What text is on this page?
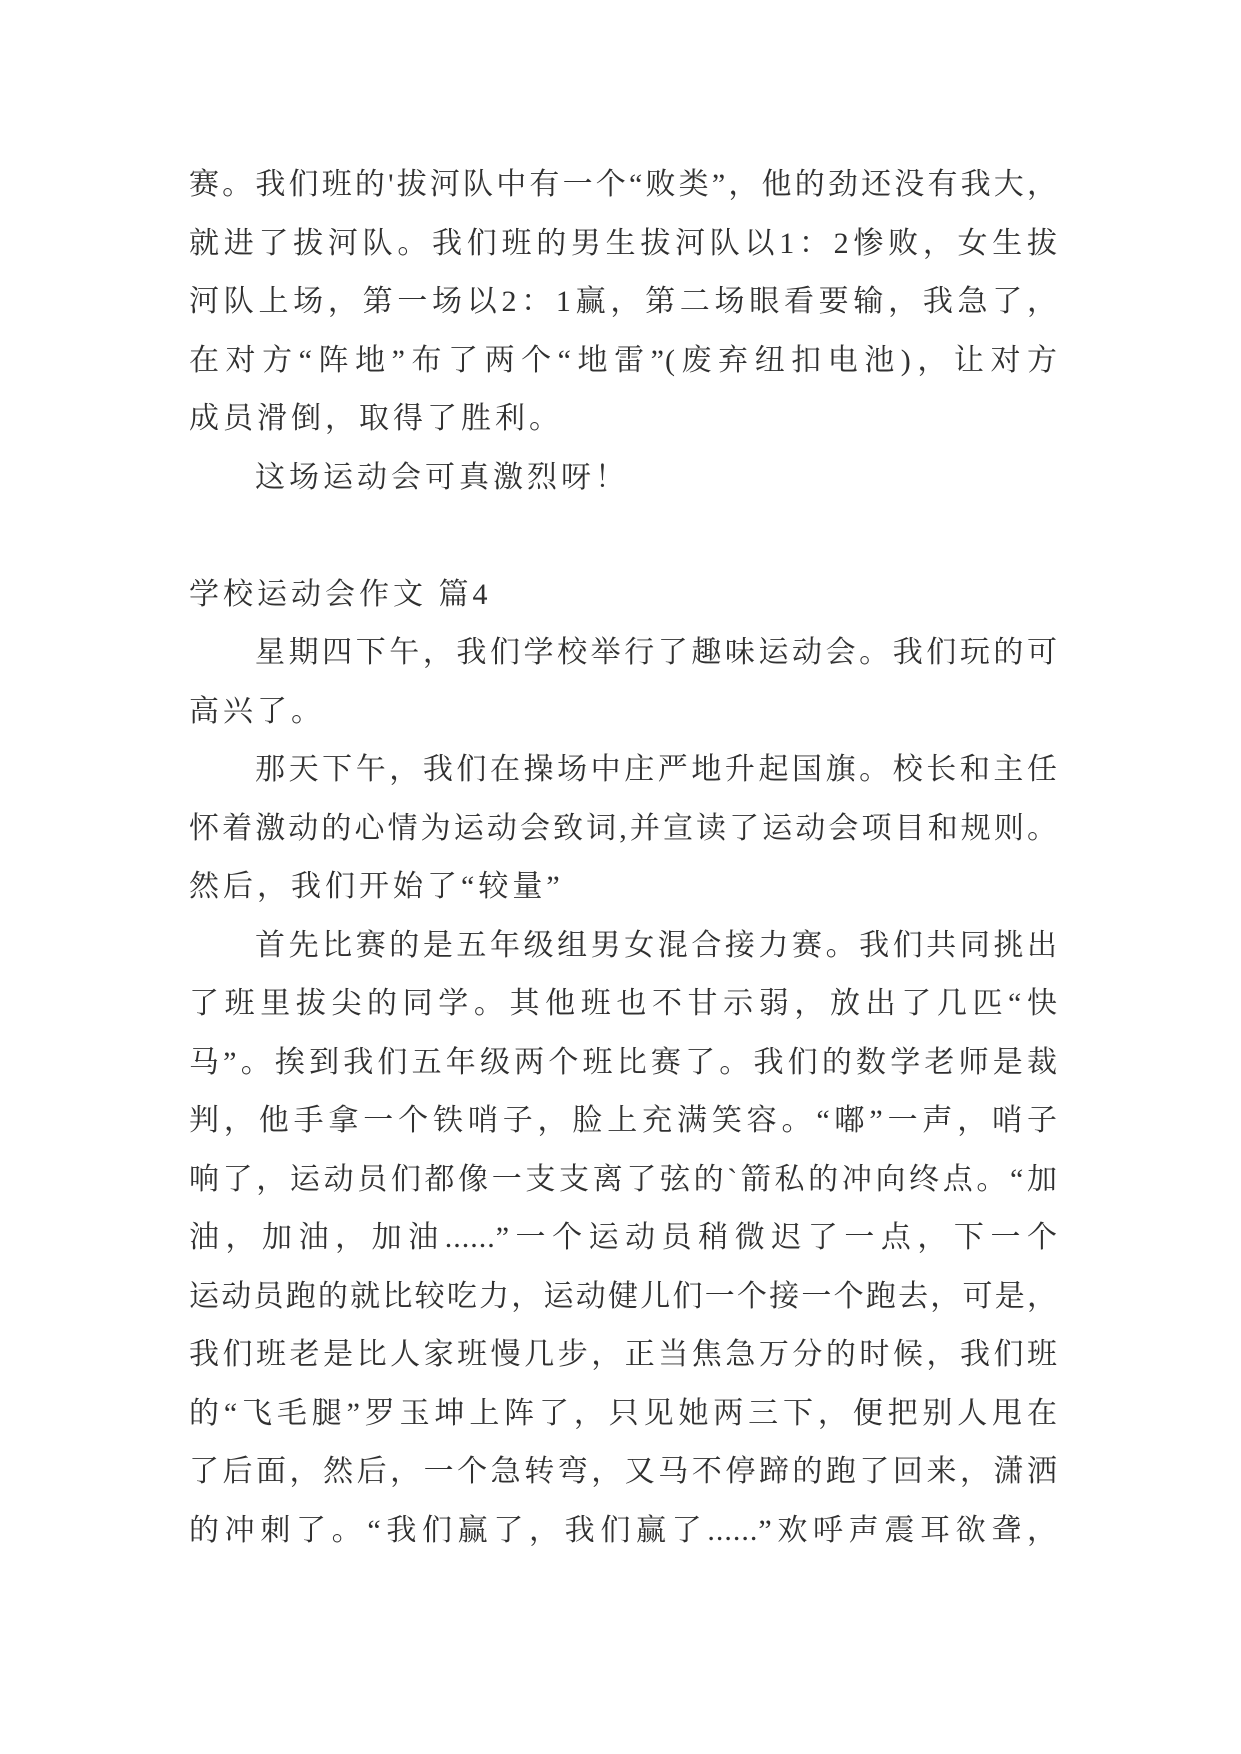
赛。我们班的'拔河队中有一个“败类”，他的劲还没有我大，
就进了拔河队。我们班的男生拔河队以1：2惨败，女生拔
河队上场，第一场以2：1赢，第二场眼看要输，我急了，
在对方“阵地”布了两个“地雷”(废弃纽扣电池)，让对方
成员滑倒，取得了胜利。
这场运动会可真激烈呀！
学校运动会作文 篇4
星期四下午，我们学校举行了趣味运动会。我们玩的可
高兴了。
那天下午，我们在操场中庄严地升起国旗。校长和主任
怀着激动的心情为运动会致词,并宣读了运动会项目和规则。
然后，我们开始了“较量”
首先比赛的是五年级组男女混合接力赛。我们共同挑出
了班里拔尖的同学。其他班也不甘示弱，放出了几匹“快
马”。挨到我们五年级两个班比赛了。我们的数学老师是裁
判，他手拿一个铁哨子，脸上充满笑容。“嘟”一声，哨子
响了，运动员们都像一支支离了弦的`箭私的冲向终点。“加
油，加油，加油......”一个运动员稍微迟了一点，下一个
运动员跑的就比较吃力，运动健儿们一个接一个跑去，可是，
我们班老是比人家班慢几步，正当焦急万分的时候，我们班
的“飞毛腿”罗玉坤上阵了，只见她两三下，便把别人甩在
了后面，然后，一个急转弯，又马不停蹄的跑了回来，潇洒
的冲刺了。“我们赢了，我们赢了......”欢呼声震耳欲聋，
